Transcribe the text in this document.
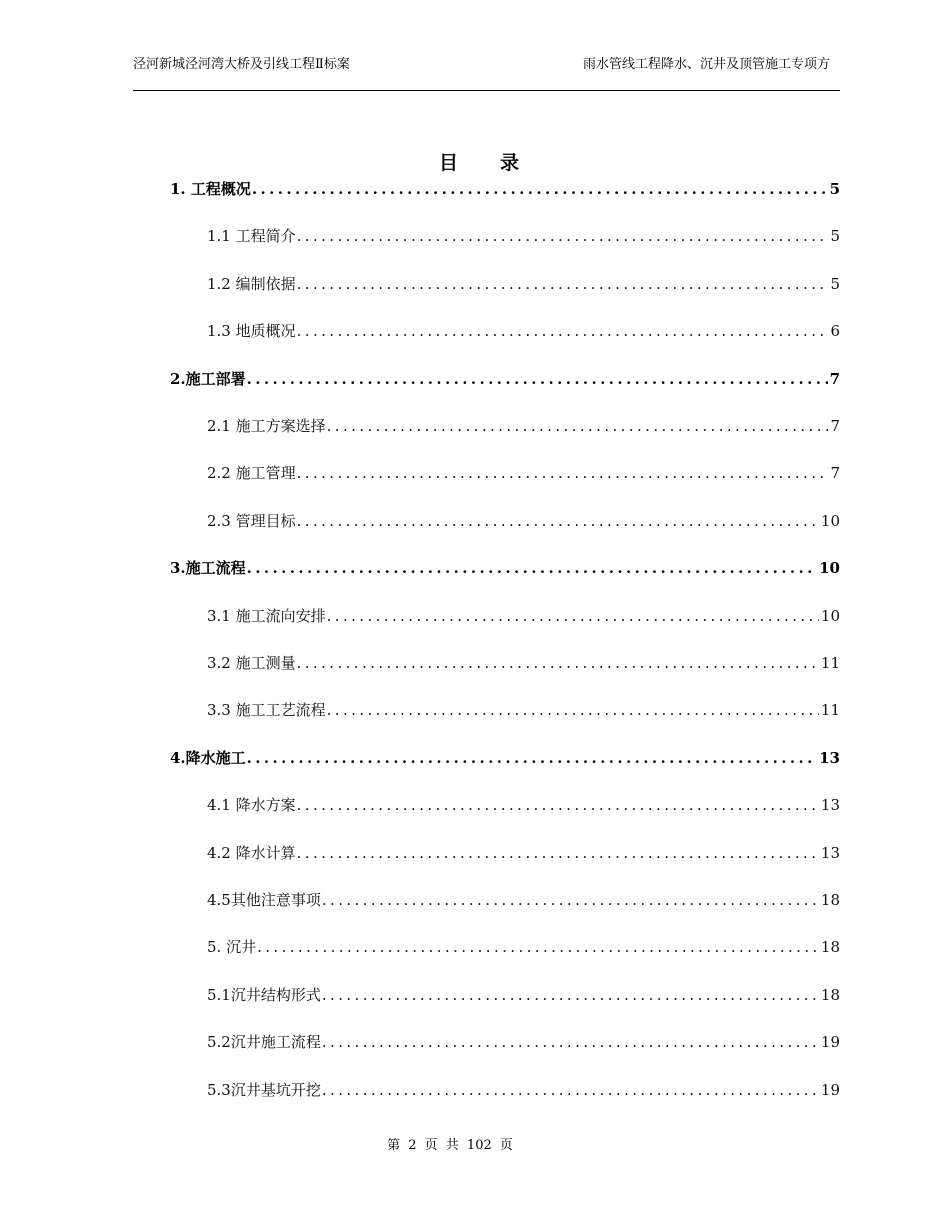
泾河新城泾河湾大桥及引线工程Ⅱ标案	雨水管线工程降水、沉井及顶管施工专项方
目录
1. 工程概况 .....	5
1.1 工程简介 .....	5
1.2 编制依据 .....	5
1.3 地质概况 .....	6
2.施工部署 .....	7
2.1 施工方案选择 .....	7
2.2 施工管理 .....	7
2.3 管理目标 .....	10
3.施工流程 .....	10
3.1 施工流向安排 .....	10
3.2 施工测量 .....	11
3.3 施工工艺流程 .....	11
4.降水施工 .....	13
4.1 降水方案 .....	13
4.2 降水计算 .....	13
4.5其他注意事项 .....	18
5. 沉井 .....	18
5.1沉井结构形式 .....	18
5.2沉井施工流程 .....	19
5.3沉井基坑开挖 .....	19
第 2 页 共 102 页
